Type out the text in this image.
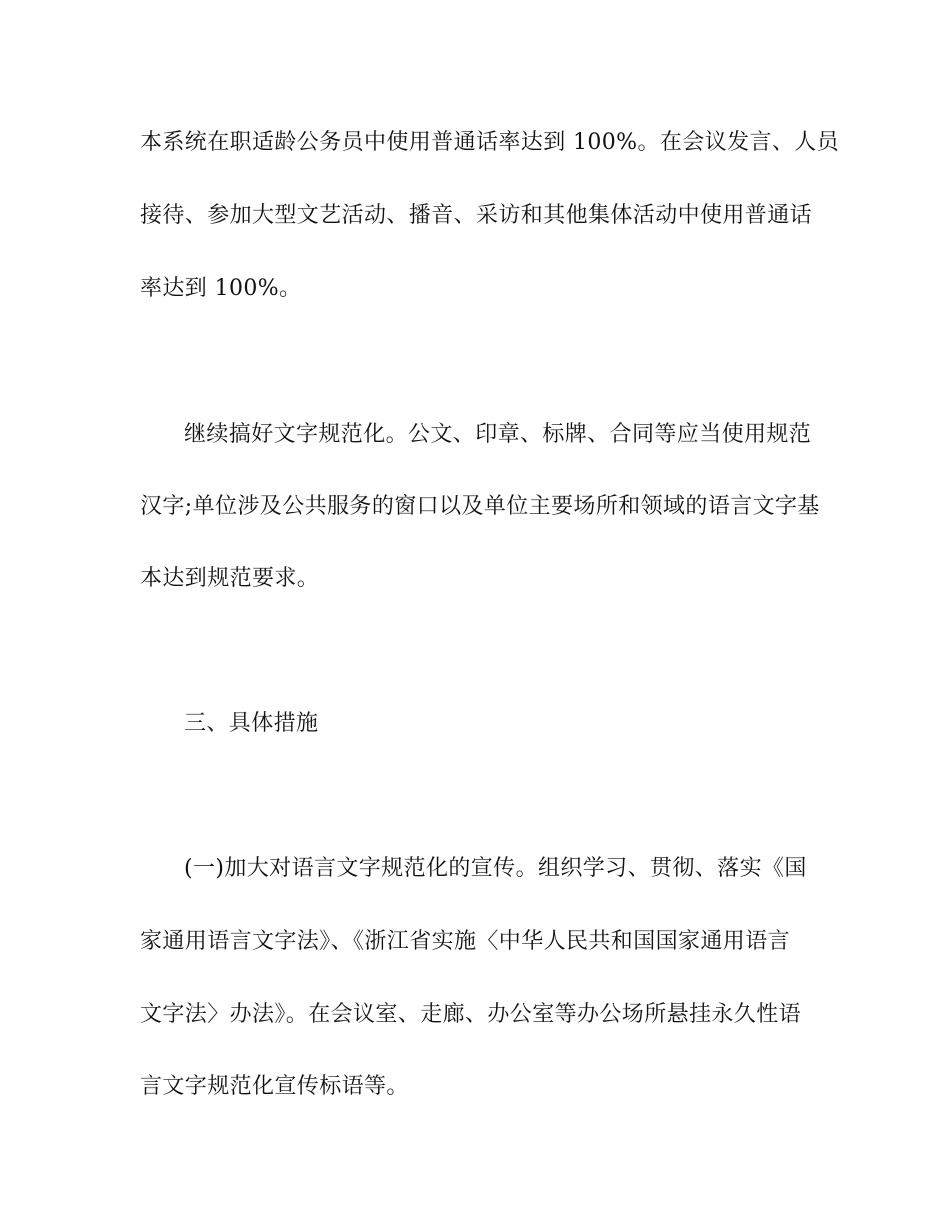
本系统在职适龄公务员中使用普通话率达到 100%。在会议发言、人员
接待、参加大型文艺活动、播音、采访和其他集体活动中使用普通话
率达到 100%。
继续搞好文字规范化。公文、印章、标牌、合同等应当使用规范
汉字;单位涉及公共服务的窗口以及单位主要场所和领域的语言文字基
本达到规范要求。
三、具体措施
(一)加大对语言文字规范化的宣传。组织学习、贯彻、落实《国
家通用语言文字法》、《浙江省实施〈中华人民共和国国家通用语言
文字法〉办法》。在会议室、走廊、办公室等办公场所悬挂永久性语
言文字规范化宣传标语等。
